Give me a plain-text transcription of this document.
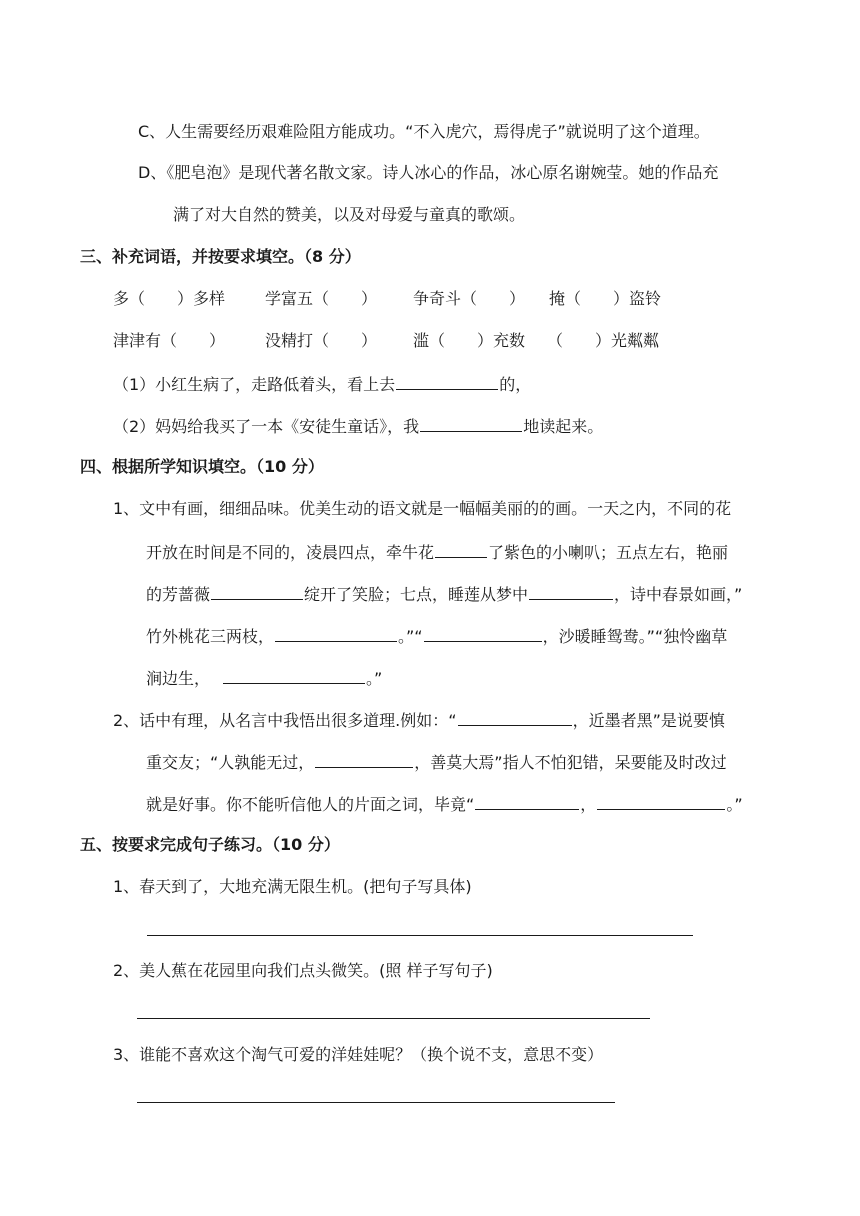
C、人生需要经历艰难险阻方能成功。“不入虎穴，焉得虎子”就说明了这个道理。
D、《肥皂泡》是现代著名散文家。诗人冰心的作品，冰心原名谢婉莹。她的作品充
满了对大自然的赞美，以及对母爱与童真的歌颂。
三、补充词语，并按要求填空。（8 分）
多（　　）多样	学富五（　　） 争奇斗（　　） 掩（　　）盗铃
津津有（　　）	没精打（　　） 滥（　　）充数 （　　）光粼粼
（1）小红生病了，走路低着头，看上去	的，
（2）妈妈给我买了一本《安徒生童话》，我	地读起来。
四、根据所学知识填空。（10 分）
1、文中有画，细细品味。优美生动的语文就是一幅幅美丽的的画。一天之内，不同的花
开放在时间是不同的，凌晨四点，牵牛花	了紫色的小喇叭；五点左右，艳丽
的芳蔷薇	绽开了笑脸；七点，睡莲从梦中	，诗中春景如画，”
竹外桃花三两枝，	。”“	，沙暖睡鸳鸯。”“独怜幽草
涧边生，	。”
2、话中有理，从名言中我悟出很多道理.例如：“	，近墨者黑”是说要慎
重交友；“人孰能无过，	，善莫大焉”指人不怕犯错，呆要能及时改过
就是好事。你不能听信他人的片面之词，毕竟“	，	。”
五、按要求完成句子练习。（10 分）
1、春天到了，大地充满无限生机。(把句子写具体)
2、美人蕉在花园里向我们点头微笑。(照 样子写句子)
3、谁能不喜欢这个淘气可爱的洋娃娃呢？（换个说不支，意思不变）
